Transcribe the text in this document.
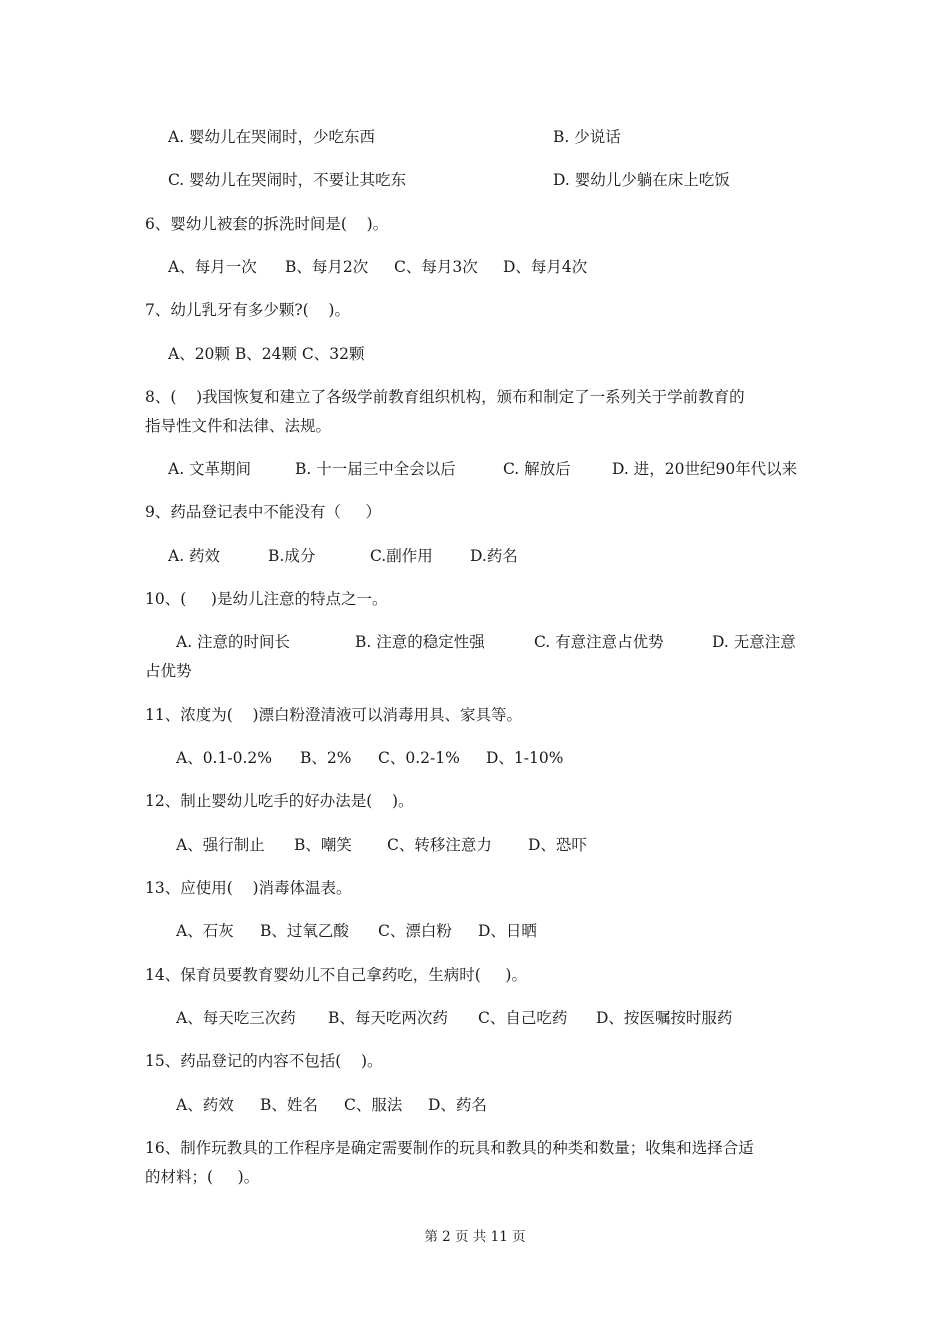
A. 婴幼儿在哭闹时，少吃东西

	B. 少说话

C. 婴幼儿在哭闹时，不要让其吃东

	D. 婴幼儿少躺在床上吃饭

6、婴幼儿被套的拆洗时间是(    )。

A、每月一次

B、每月2次

C、每月3次

D、每月4次

7、幼儿乳牙有多少颗?(    )。

A、20颗 B、24颗 C、32颗

8、(    )我国恢复和建立了各级学前教育组织机构，颁布和制定了一系列关于学前教育的

指导性文件和法律、法规。

A. 文革期间

	B. 十一届三中全会以后

	C. 解放后

	D. 进，20世纪90年代以来

9、药品登记表中不能没有（     ）

A. 药效

	B.成分

	C.副作用

D.药名

10、(     )是幼儿注意的特点之一。

A. 注意的时间长

	B. 注意的稳定性强

	C. 有意注意占优势

	D. 无意注意

占优势

11、浓度为(    )漂白粉澄清液可以消毒用具、家具等。

A、0.1-0.2%

B、2%

C、0.2-1%

D、1-10%

12、制止婴幼儿吃手的好办法是(    )。

A、强行制止

B、嘲笑

C、转移注意力

D、恐吓

13、应使用(    )消毒体温表。

A、石灰

B、过氧乙酸

C、漂白粉

D、日晒

14、保育员要教育婴幼儿不自己拿药吃，生病时(     )。

A、每天吃三次药

B、每天吃两次药

C、自己吃药

D、按医嘱按时服药

15、药品登记的内容不包括(    )。

A、药效

B、姓名

C、服法

D、药名

16、制作玩教具的工作程序是确定需要制作的玩具和教具的种类和数量；收集和选择合适

的材料；(     )。

第 2 页 共 11 页
